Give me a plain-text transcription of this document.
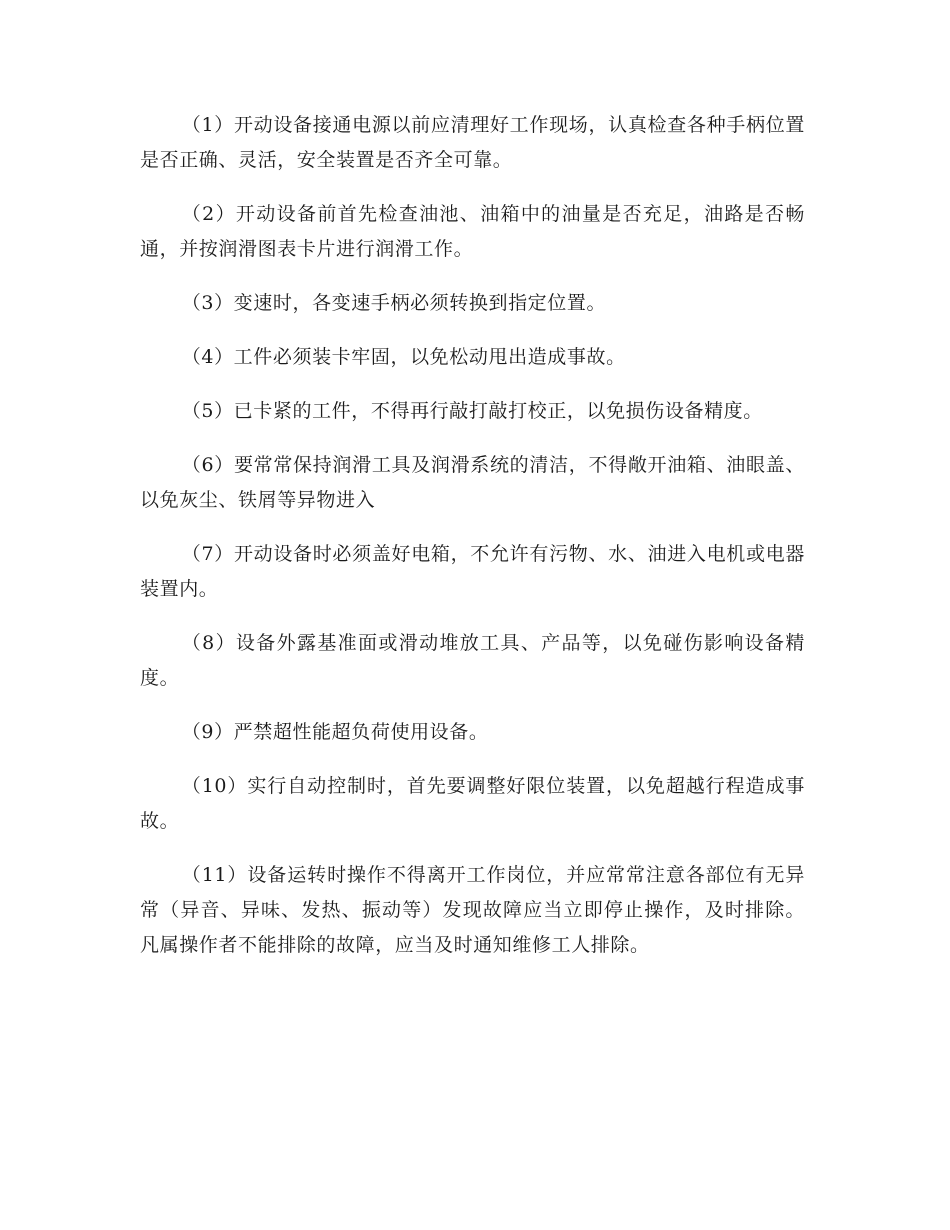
（1）开动设备接通电源以前应清理好工作现场，认真检查各种手柄位置是否正确、灵活，安全装置是否齐全可靠。

（2）开动设备前首先检查油池、油箱中的油量是否充足，油路是否畅通，并按润滑图表卡片进行润滑工作。

（3）变速时，各变速手柄必须转换到指定位置。

（4）工件必须装卡牢固，以免松动甩出造成事故。

（5）已卡紧的工件，不得再行敲打敲打校正，以免损伤设备精度。

（6）要常常保持润滑工具及润滑系统的清洁，不得敞开油箱、油眼盖、以免灰尘、铁屑等异物进入

（7）开动设备时必须盖好电箱，不允许有污物、水、油进入电机或电器装置内。

（8）设备外露基准面或滑动堆放工具、产品等，以免碰伤影响设备精度。

（9）严禁超性能超负荷使用设备。

（10）实行自动控制时，首先要调整好限位装置，以免超越行程造成事故。

（11）设备运转时操作不得离开工作岗位，并应常常注意各部位有无异常（异音、异味、发热、振动等）发现故障应当立即停止操作，及时排除。凡属操作者不能排除的故障，应当及时通知维修工人排除。
